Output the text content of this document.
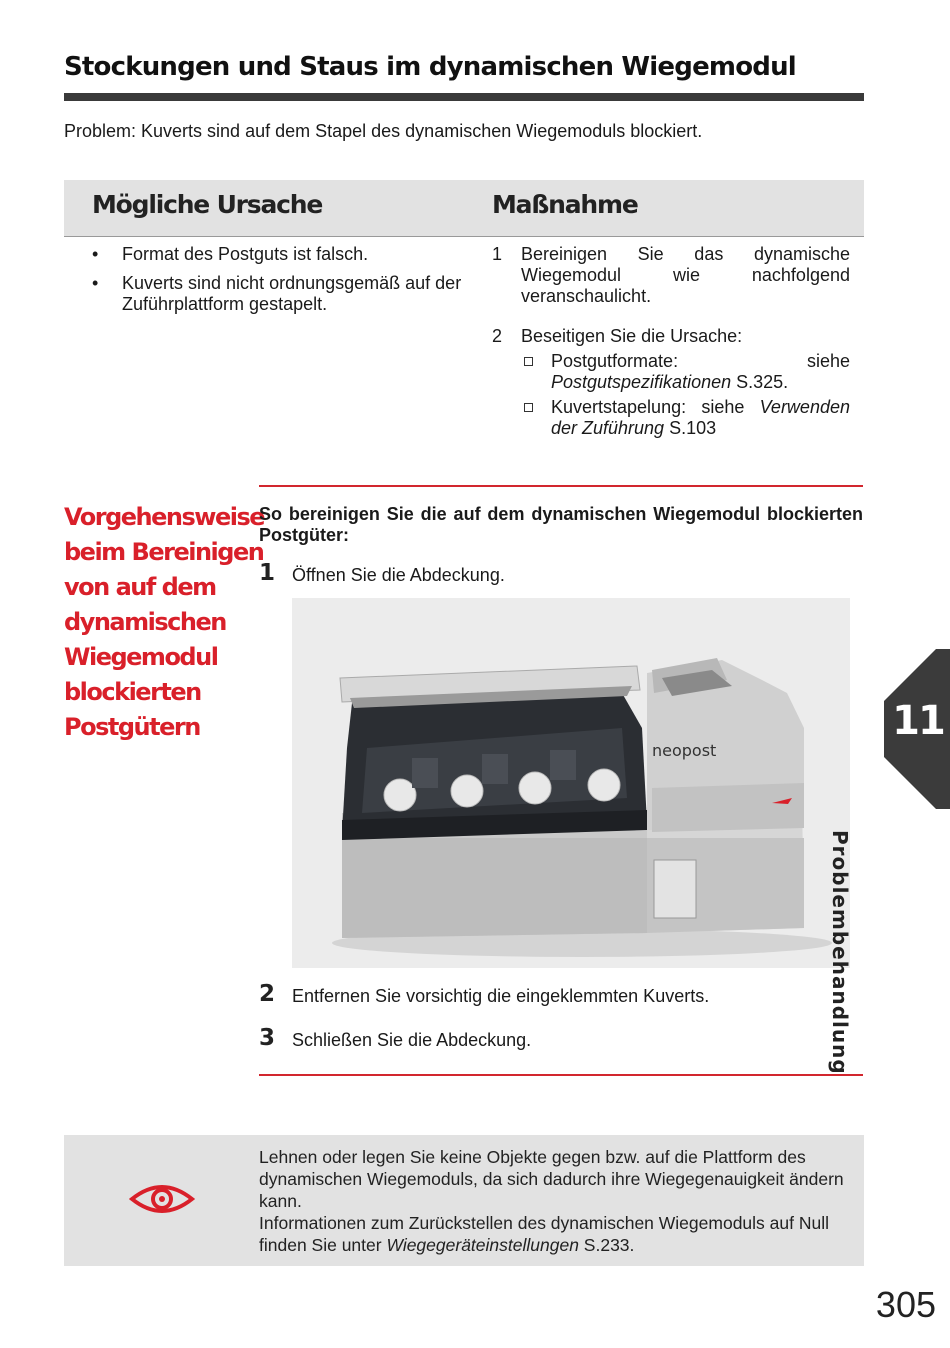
Stockungen und Staus im dynamischen Wiegemodul
Problem: Kuverts sind auf dem Stapel des dynamischen Wiegemoduls blockiert.
Mögliche Ursache	Maßnahme
• Format des Postguts ist falsch.
• Kuverts sind nicht ordnungsgemäß auf der Zuführplattform gestapelt.
1 Bereinigen Sie das dynamische Wiegemodul wie nachfolgend veranschaulicht.
2 Beseitigen Sie die Ursache:
Postgutformate: siehe Postgutspezifikationen S.325.
Kuvertstapelung: siehe Verwenden der Zuführung S.103
Vorgehensweise
beim Bereinigen
von auf dem
dynamischen
Wiegemodul
blockierten
Postgütern
So bereinigen Sie die auf dem dynamischen Wiegemodul blockierten Postgüter:
1 Öffnen Sie die Abdeckung.
neopost
2 Entfernen Sie vorsichtig die eingeklemmten Kuverts.
3 Schließen Sie die Abdeckung.
Lehnen oder legen Sie keine Objekte gegen bzw. auf die Plattform des dynamischen Wiegemoduls, da sich dadurch ihre Wiegegenauigkeit ändern kann.
Informationen zum Zurückstellen des dynamischen Wiegemoduls auf Null finden Sie unter Wiegegeräteinstellungen S.233.
11
Problembehandlung
305
